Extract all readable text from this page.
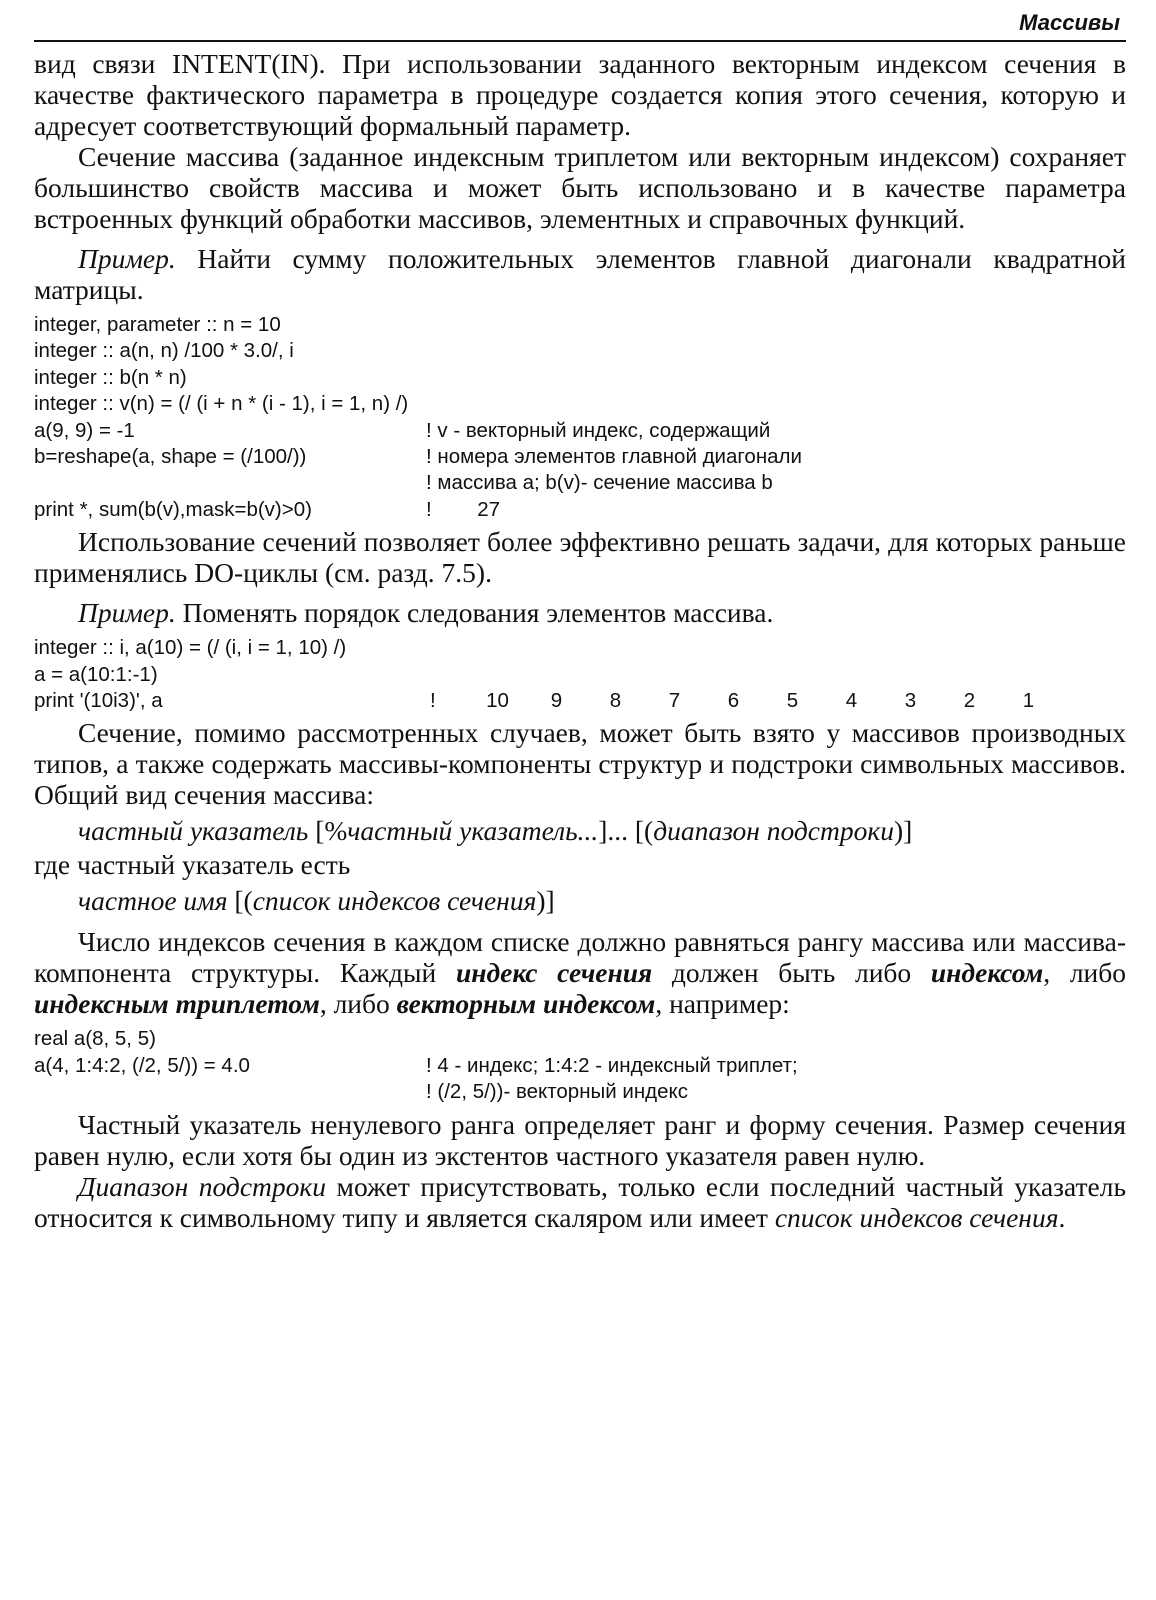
Массивы

вид связи INTENT(IN). При использовании заданного векторным индексом сечения в качестве фактического параметра в процедуре создается копия этого сечения, которую и адресует соответствующий формальный параметр.

Сечение массива (заданное индексным триплетом или векторным индексом) сохраняет большинство свойств массива и может быть использовано и в качестве параметра встроенных функций обработки массивов, элементных и справочных функций.

Пример. Найти сумму положительных элементов главной диагонали квадратной матрицы.

integer, parameter :: n = 10
integer :: a(n, n) /100 * 3.0/, i
integer :: b(n * n)
integer :: v(n) = (/ (i + n * (i - 1), i = 1, n) /)
a(9, 9) = -1	! v - векторный индекс, содержащий
b=reshape(a, shape = (/100/))	! номера элементов главной диагонали
! массива a; b(v)- сечение массива b
print *, sum(b(v),mask=b(v)>0)	!        27

Использование сечений позволяет более эффективно решать задачи, для которых раньше применялись DO-циклы (см. разд. 7.5).

Пример. Поменять порядок следования элементов массива.

integer :: i, a(10) = (/ (i, i = 1, 10) /)
a = a(10:1:-1)
print '(10i3)', a	!	10	9	8	7	6	5	4	3	2	1

Сечение, помимо рассмотренных случаев, может быть взято у массивов производных типов, а также содержать массивы-компоненты структур и подстроки символьных массивов. Общий вид сечения массива:

частный указатель [%частный указатель...]... [(диапазон подстроки)]

где частный указатель есть

частное имя [(список индексов сечения)]

Число индексов сечения в каждом списке должно равняться рангу массива или массива-компонента структуры. Каждый индекс сечения должен быть либо индексом, либо индексным триплетом, либо векторным индексом, например:

real a(8, 5, 5)
a(4, 1:4:2, (/2, 5/)) = 4.0	! 4 - индекс; 1:4:2 - индексный триплет;
! (/2, 5/))- векторный индекс

Частный указатель ненулевого ранга определяет ранг и форму сечения. Размер сечения равен нулю, если хотя бы один из экстентов частного указателя равен нулю.

Диапазон подстроки может присутствовать, только если последний частный указатель относится к символьному типу и является скаляром или имеет список индексов сечения.
